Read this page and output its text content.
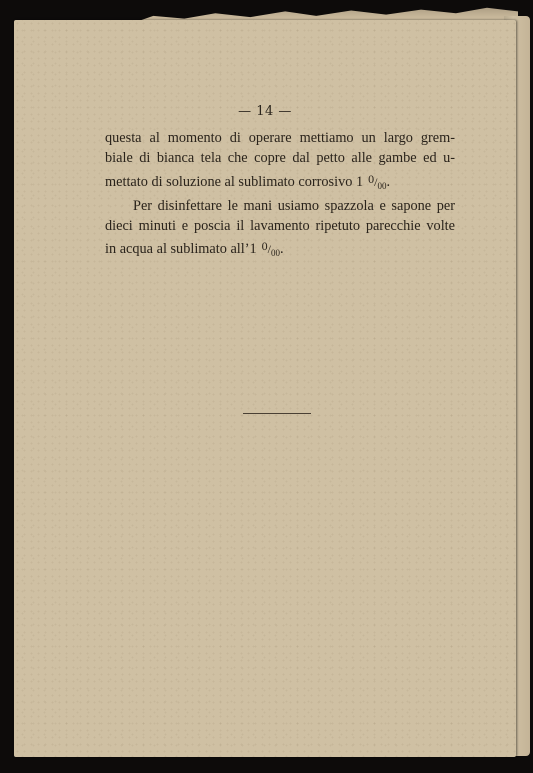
— 14 —
questa al momento di operare mettiamo un largo grem-
biale di bianca tela che copre dal petto alle gambe ed u-
mettato di soluzione al sublimato corrosivo 1 $0/_{00}$.
Per disinfettare le mani usiamo spazzola e sapone per
dieci minuti e poscia il lavamento ripetuto parecchie volte
in acqua al sublimato all’1 $0/_{00}$.
